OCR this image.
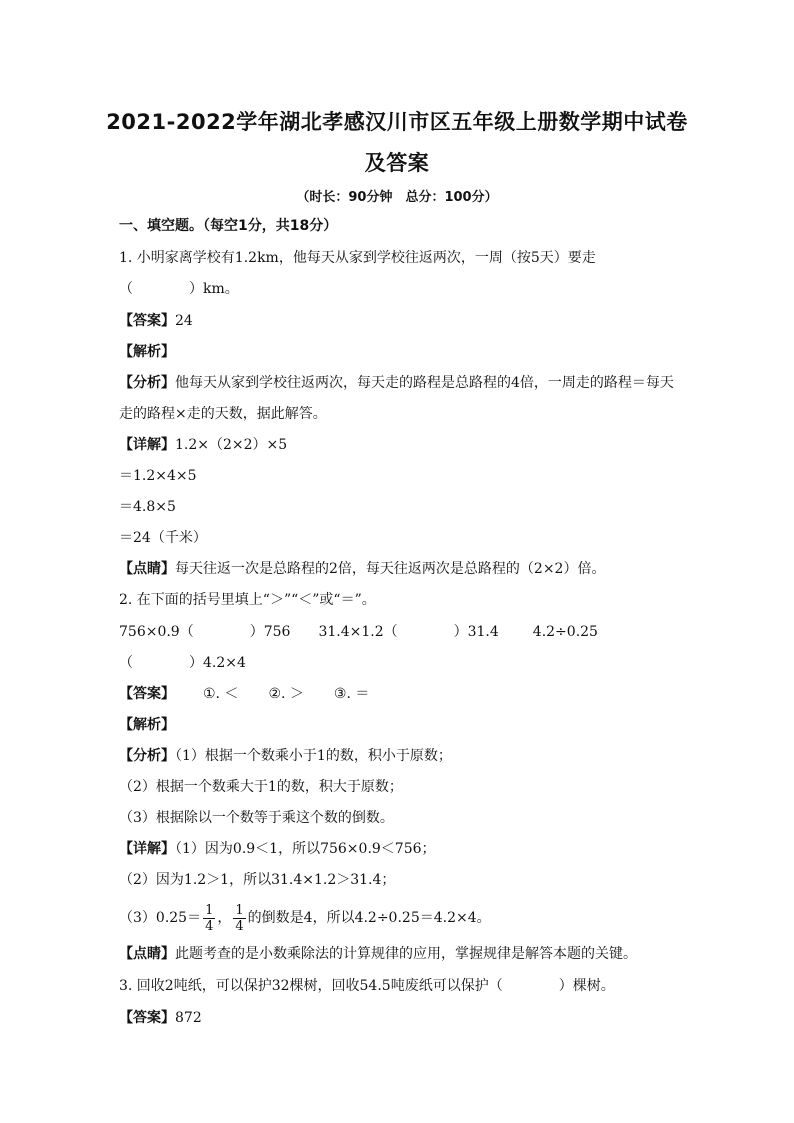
2021-2022学年湖北孝感汉川市区五年级上册数学期中试卷
及答案
（时长：90分钟　总分：100分）
一、填空题。（每空1分，共18分）
1. 小明家离学校有1.2km，他每天从家到学校往返两次，一周（按5天）要走
（　　　　）km。
【答案】24
【解析】
【分析】他每天从家到学校往返两次，每天走的路程是总路程的4倍，一周走的路程＝每天
走的路程×走的天数，据此解答。
【详解】1.2×（2×2）×5
＝1.2×4×5
＝4.8×5
＝24（千米）
【点睛】每天往返一次是总路程的2倍，每天往返两次是总路程的（2×2）倍。
2. 在下面的括号里填上“＞”“＜”或“＝”。
756×0.9（　　　　）756 31.4×1.2（　　　　）31.4 4.2÷0.25
（　　　　）4.2×4
【答案】 ①. ＜ ②. ＞ ③. ＝
【解析】
【分析】（1）根据一个数乘小于1的数，积小于原数；
（2）根据一个数乘大于1的数，积大于原数；
（3）根据除以一个数等于乘这个数的倒数。
【详解】（1）因为0.9＜1，所以756×0.9＜756；
（2）因为1.2＞1，所以31.4×1.2＞31.4；
$(3)0.25= \frac{1}{4}$ ， $\frac{1}{4}$ 的倒数是4，所以4.2÷0.25＝4.2×4。
【点睛】此题考查的是小数乘除法的计算规律的应用，掌握规律是解答本题的关键。
3. 回收2吨纸，可以保护32棵树，回收54.5吨废纸可以保护（　　　　）棵树。
【答案】872
